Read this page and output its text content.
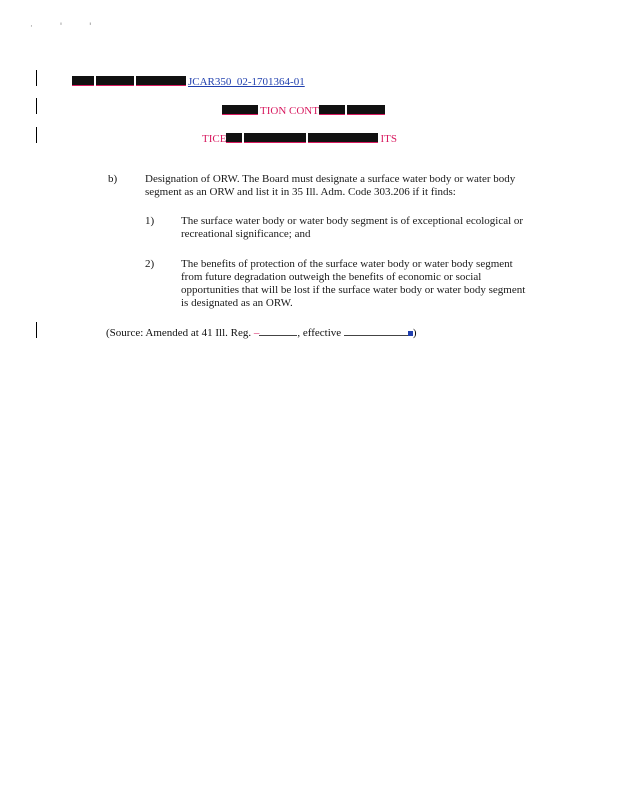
· ' '
JCAR350_02-1701364-01
TION CONT
TICE	ITS
b)	Designation of ORW. The Board must designate a surface water body or water body segment as an ORW and list it in 35 Ill. Adm. Code 303.206 if it finds:
1) The surface water body or water body segment is of exceptional ecological or recreational significance; and
2) The benefits of protection of the surface water body or water body segment from future degradation outweigh the benefits of economic or social opportunities that will be lost if the surface water body or water body segment is designated as an ORW.
(Source: Amended at 41 Ill. Reg. –	, effective	)
